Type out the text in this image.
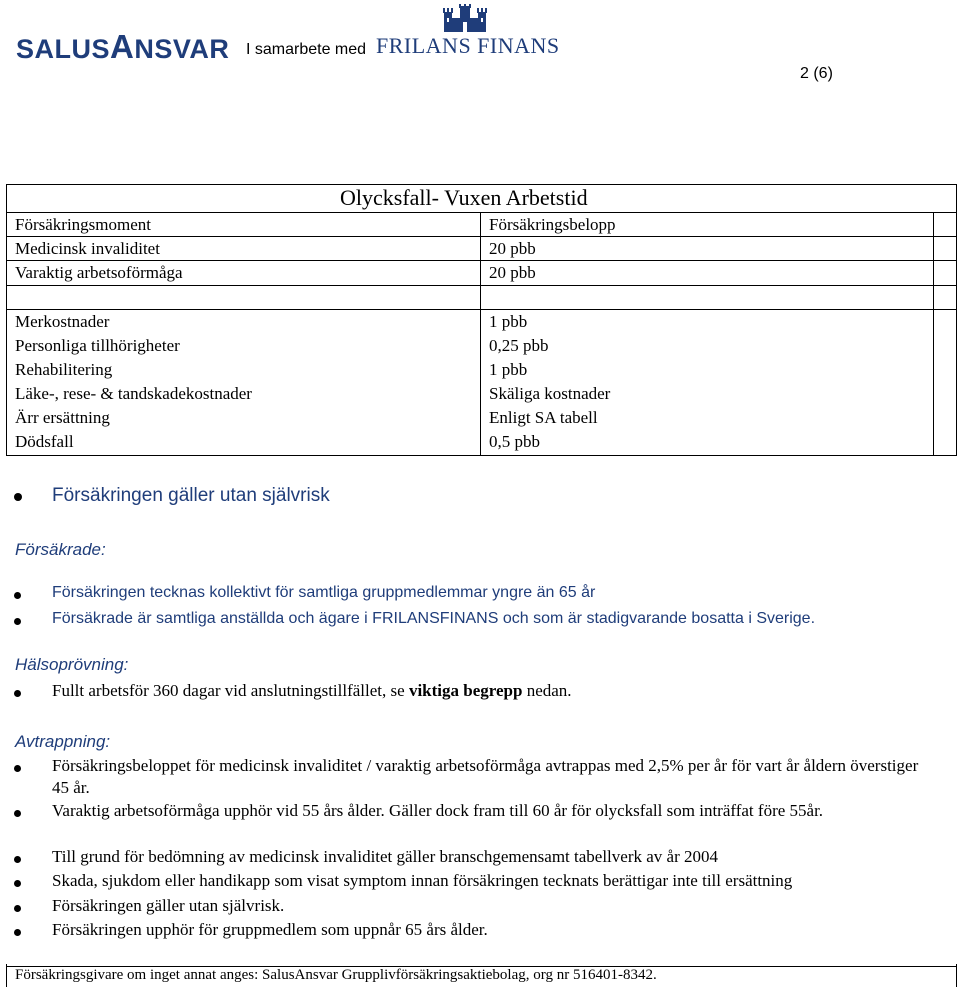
SALUSANSVAR I samarbete med FRILANS FINANS
2 (6)
Olycksfall- Vuxen Arbetstid
Försäkringsmoment	Försäkringsbelopp
Medicinsk invaliditet	20 pbb
Varaktig arbetsoförmåga	20 pbb
Merkostnader	1 pbb
Personliga tillhörigheter	0,25 pbb
Rehabilitering	1 pbb
Läke-, rese- & tandskadekostnader	Skäliga kostnader
Ärr ersättning	Enligt SA tabell
Dödsfall	0,5 pbb
Försäkringen gäller utan självrisk
Försäkrade:
Försäkringen tecknas kollektivt för samtliga gruppmedlemmar yngre än 65 år
Försäkrade är samtliga anställda och ägare i FRILANSFINANS och som är stadigvarande bosatta i Sverige.
Hälsoprövning:
Fullt arbetsför 360 dagar vid anslutningstillfället, se viktiga begrepp nedan.
Avtrappning:
Försäkringsbeloppet för medicinsk invaliditet / varaktig arbetsoförmåga avtrappas med 2,5% per år för vart år åldern överstiger 45 år.
Varaktig arbetsoförmåga upphör vid 55 års ålder. Gäller dock fram till 60 år för olycksfall som inträffat före 55år.
Till grund för bedömning av medicinsk invaliditet gäller branschgemensamt tabellverk av år 2004
Skada, sjukdom eller handikapp som visat symptom innan försäkringen tecknats berättigar inte till ersättning
Försäkringen gäller utan självrisk.
Försäkringen upphör för gruppmedlem som uppnår 65 års ålder.
Försäkringsgivare om inget annat anges: SalusAnsvar Grupplivförsäkringsaktiebolag, org nr 516401-8342.
